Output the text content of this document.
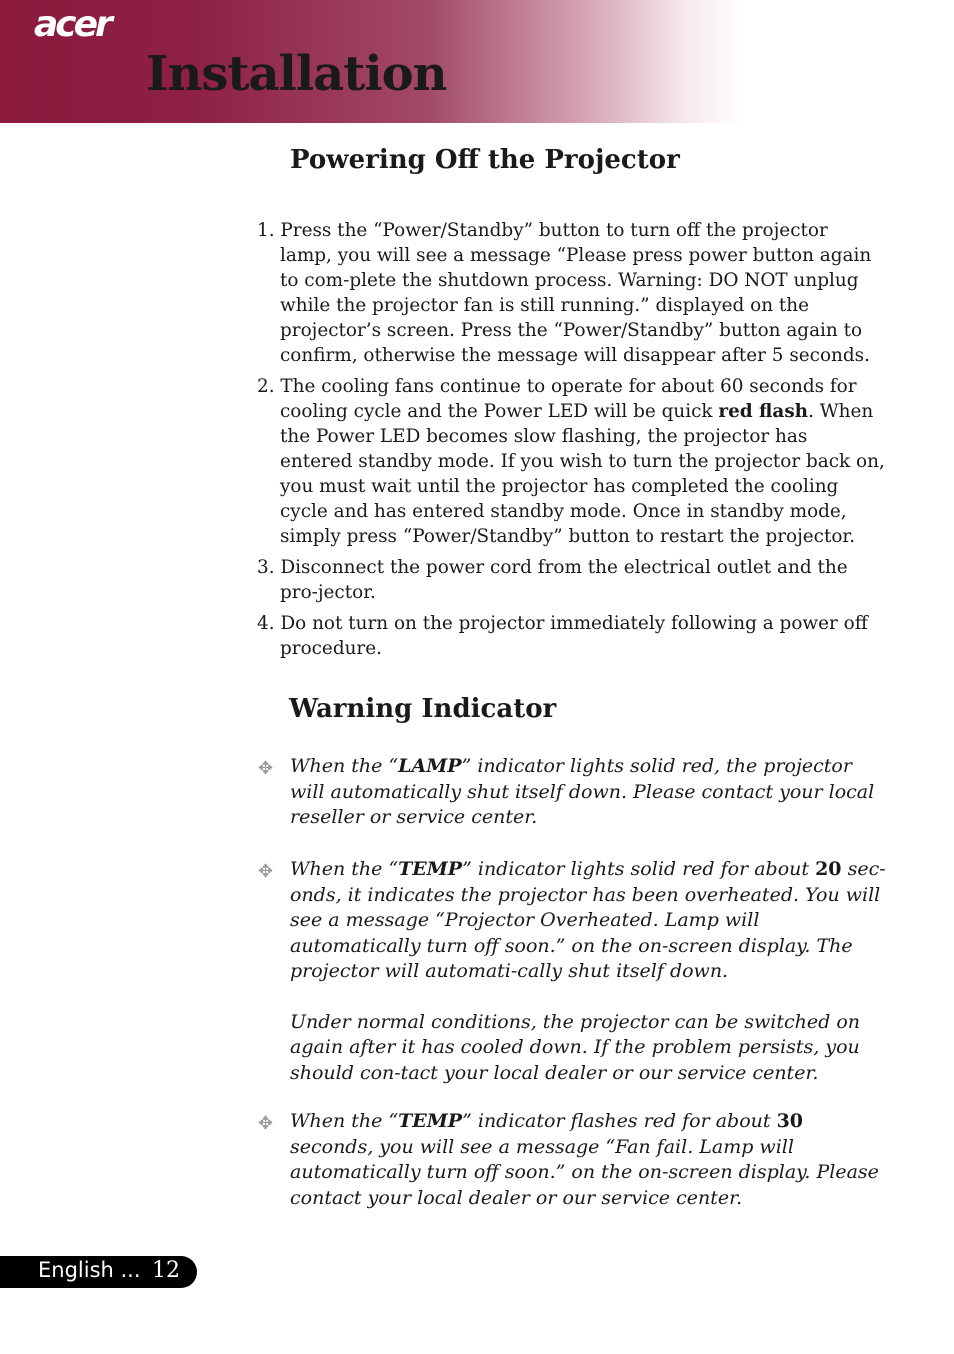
acer
Installation
Powering Off the Projector
1. Press the “Power/Standby” button to turn off the projector lamp, you will see a message “Please press power button again to com-plete the shutdown process. Warning: DO NOT unplug while the projector fan is still running.” displayed on the projector’s screen. Press the “Power/Standby” button again to confirm, otherwise the message will disappear after 5 seconds.
2. The cooling fans continue to operate for about 60 seconds for cooling cycle and the Power LED will be quick red flash. When the Power LED becomes slow flashing, the projector has entered standby mode. If you wish to turn the projector back on, you must wait until the projector has completed the cooling cycle and has entered standby mode. Once in standby mode, simply press “Power/Standby” button to restart the projector.
3. Disconnect the power cord from the electrical outlet and the pro-jector.
4. Do not turn on the projector immediately following a power off procedure.
Warning Indicator
✥ When the “LAMP” indicator lights solid red, the projector will automatically shut itself down. Please contact your local reseller or service center.
✥ When the “TEMP” indicator lights solid red for about 20 sec-onds, it indicates the projector has been overheated. You will see a message “Projector Overheated. Lamp will automatically turn off soon.” on the on-screen display. The projector will automati-cally shut itself down.
Under normal conditions, the projector can be switched on again after it has cooled down. If the problem persists, you should con-tact your local dealer or our service center.
✥ When the “TEMP” indicator flashes red for about 30 seconds, you will see a message “Fan fail. Lamp will automatically turn off soon.” on the on-screen display. Please contact your local dealer or our service center.
English ... 12
